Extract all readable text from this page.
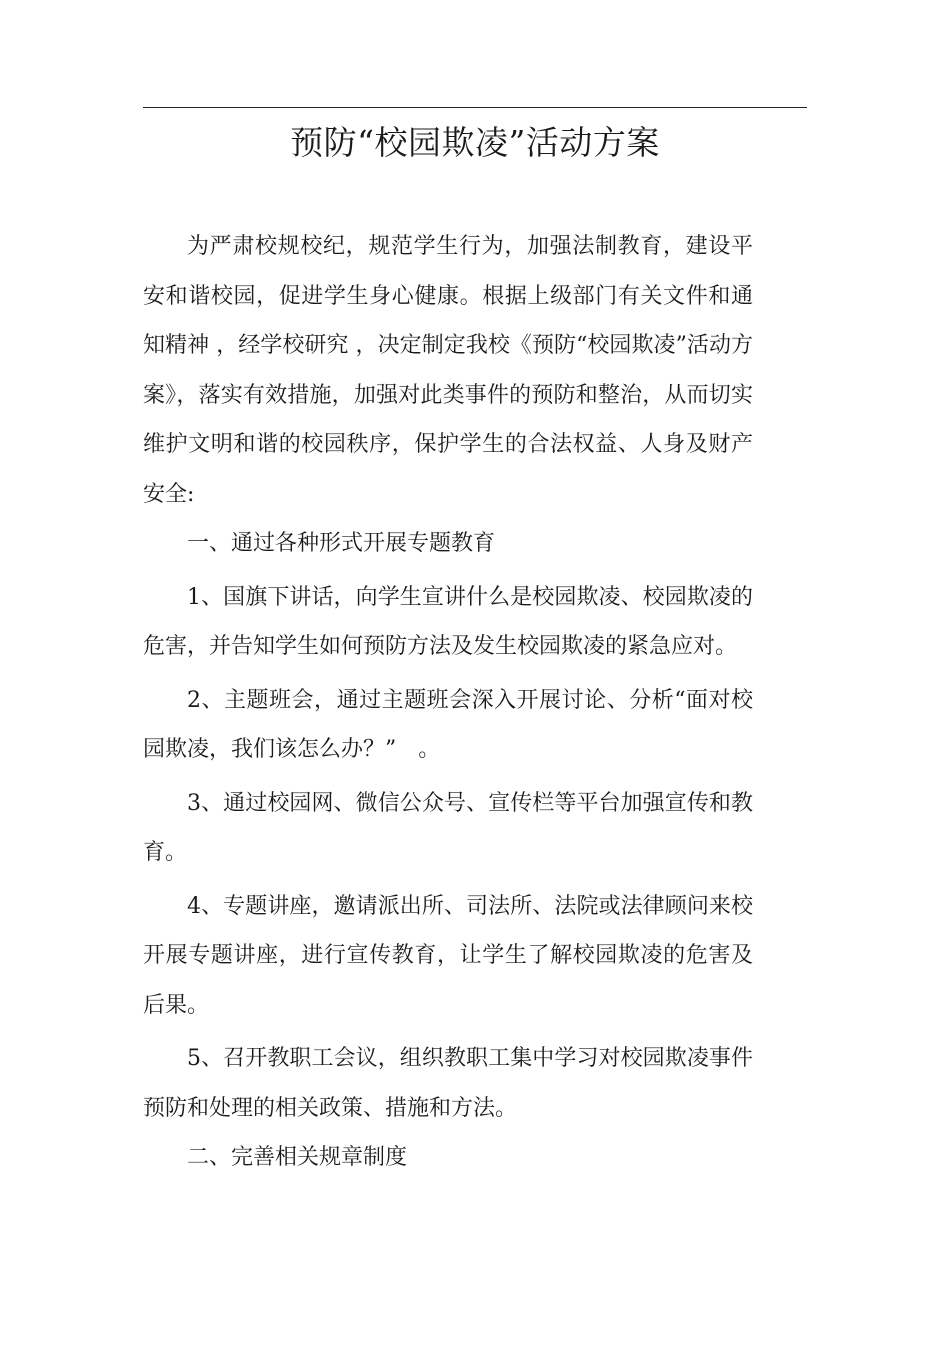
预防“校园欺凌”活动方案

为严肃校规校纪，规范学生行为，加强法制教育，建设平安和谐校园，促进学生身心健康。根据上级部门有关文件和通知精神 ，经学校研究 ，决定制定我校《预防“校园欺凌”活动方案》，落实有效措施，加强对此类事件的预防和整治，从而切实维护文明和谐的校园秩序，保护学生的合法权益、人身及财产安全:

一、通过各种形式开展专题教育

1、国旗下讲话，向学生宣讲什么是校园欺凌、校园欺凌的危害，并告知学生如何预防方法及发生校园欺凌的紧急应对。

2、主题班会，通过主题班会深入开展讨论、分析“面对校园欺凌，我们该怎么办？”　。

3、通过校园网、微信公众号、宣传栏等平台加强宣传和教育。

4、专题讲座，邀请派出所、司法所、法院或法律顾问来校开展专题讲座，进行宣传教育，让学生了解校园欺凌的危害及后果。

5、召开教职工会议，组织教职工集中学习对校园欺凌事件预防和处理的相关政策、措施和方法。

二、完善相关规章制度
